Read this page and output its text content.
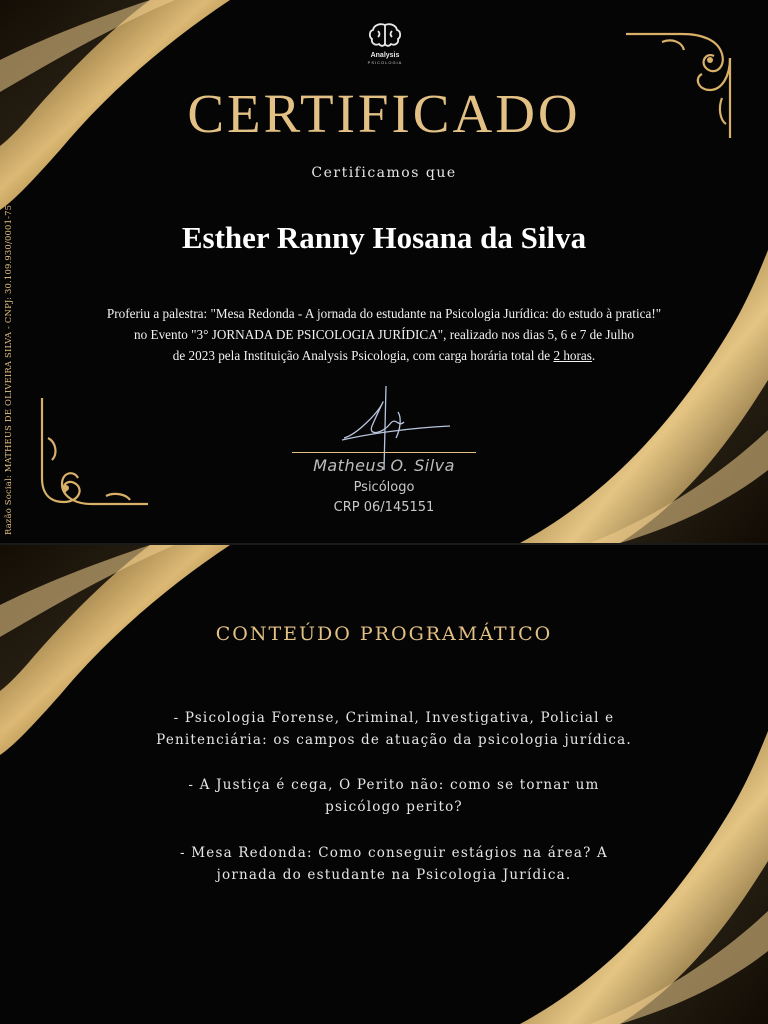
Analysis
PSICOLOGIA
CERTIFICADO
Certificamos que
Esther Ranny Hosana da Silva
Proferiu a palestra: "Mesa Redonda - A jornada do estudante na Psicologia Jurídica: do estudo à pratica!"
no Evento "3° JORNADA DE PSICOLOGIA JURÍDICA", realizado nos dias 5, 6 e 7 de Julho
de 2023 pela Instituição Analysis Psicologia, com carga horária total de 2 horas.
Matheus O. Silva
Psicólogo
CRP 06/145151
Razão Social: MATHEUS DE OLIVEIRA SILVA - CNPJ: 30.109.930/0001-75
CONTEÚDO PROGRAMÁTICO
- Psicologia Forense, Criminal, Investigativa, Policial e
Penitenciária: os campos de atuação da psicologia jurídica.
- A Justiça é cega, O Perito não: como se tornar um
psicólogo perito?
- Mesa Redonda: Como conseguir estágios na área? A
jornada do estudante na Psicologia Jurídica.
